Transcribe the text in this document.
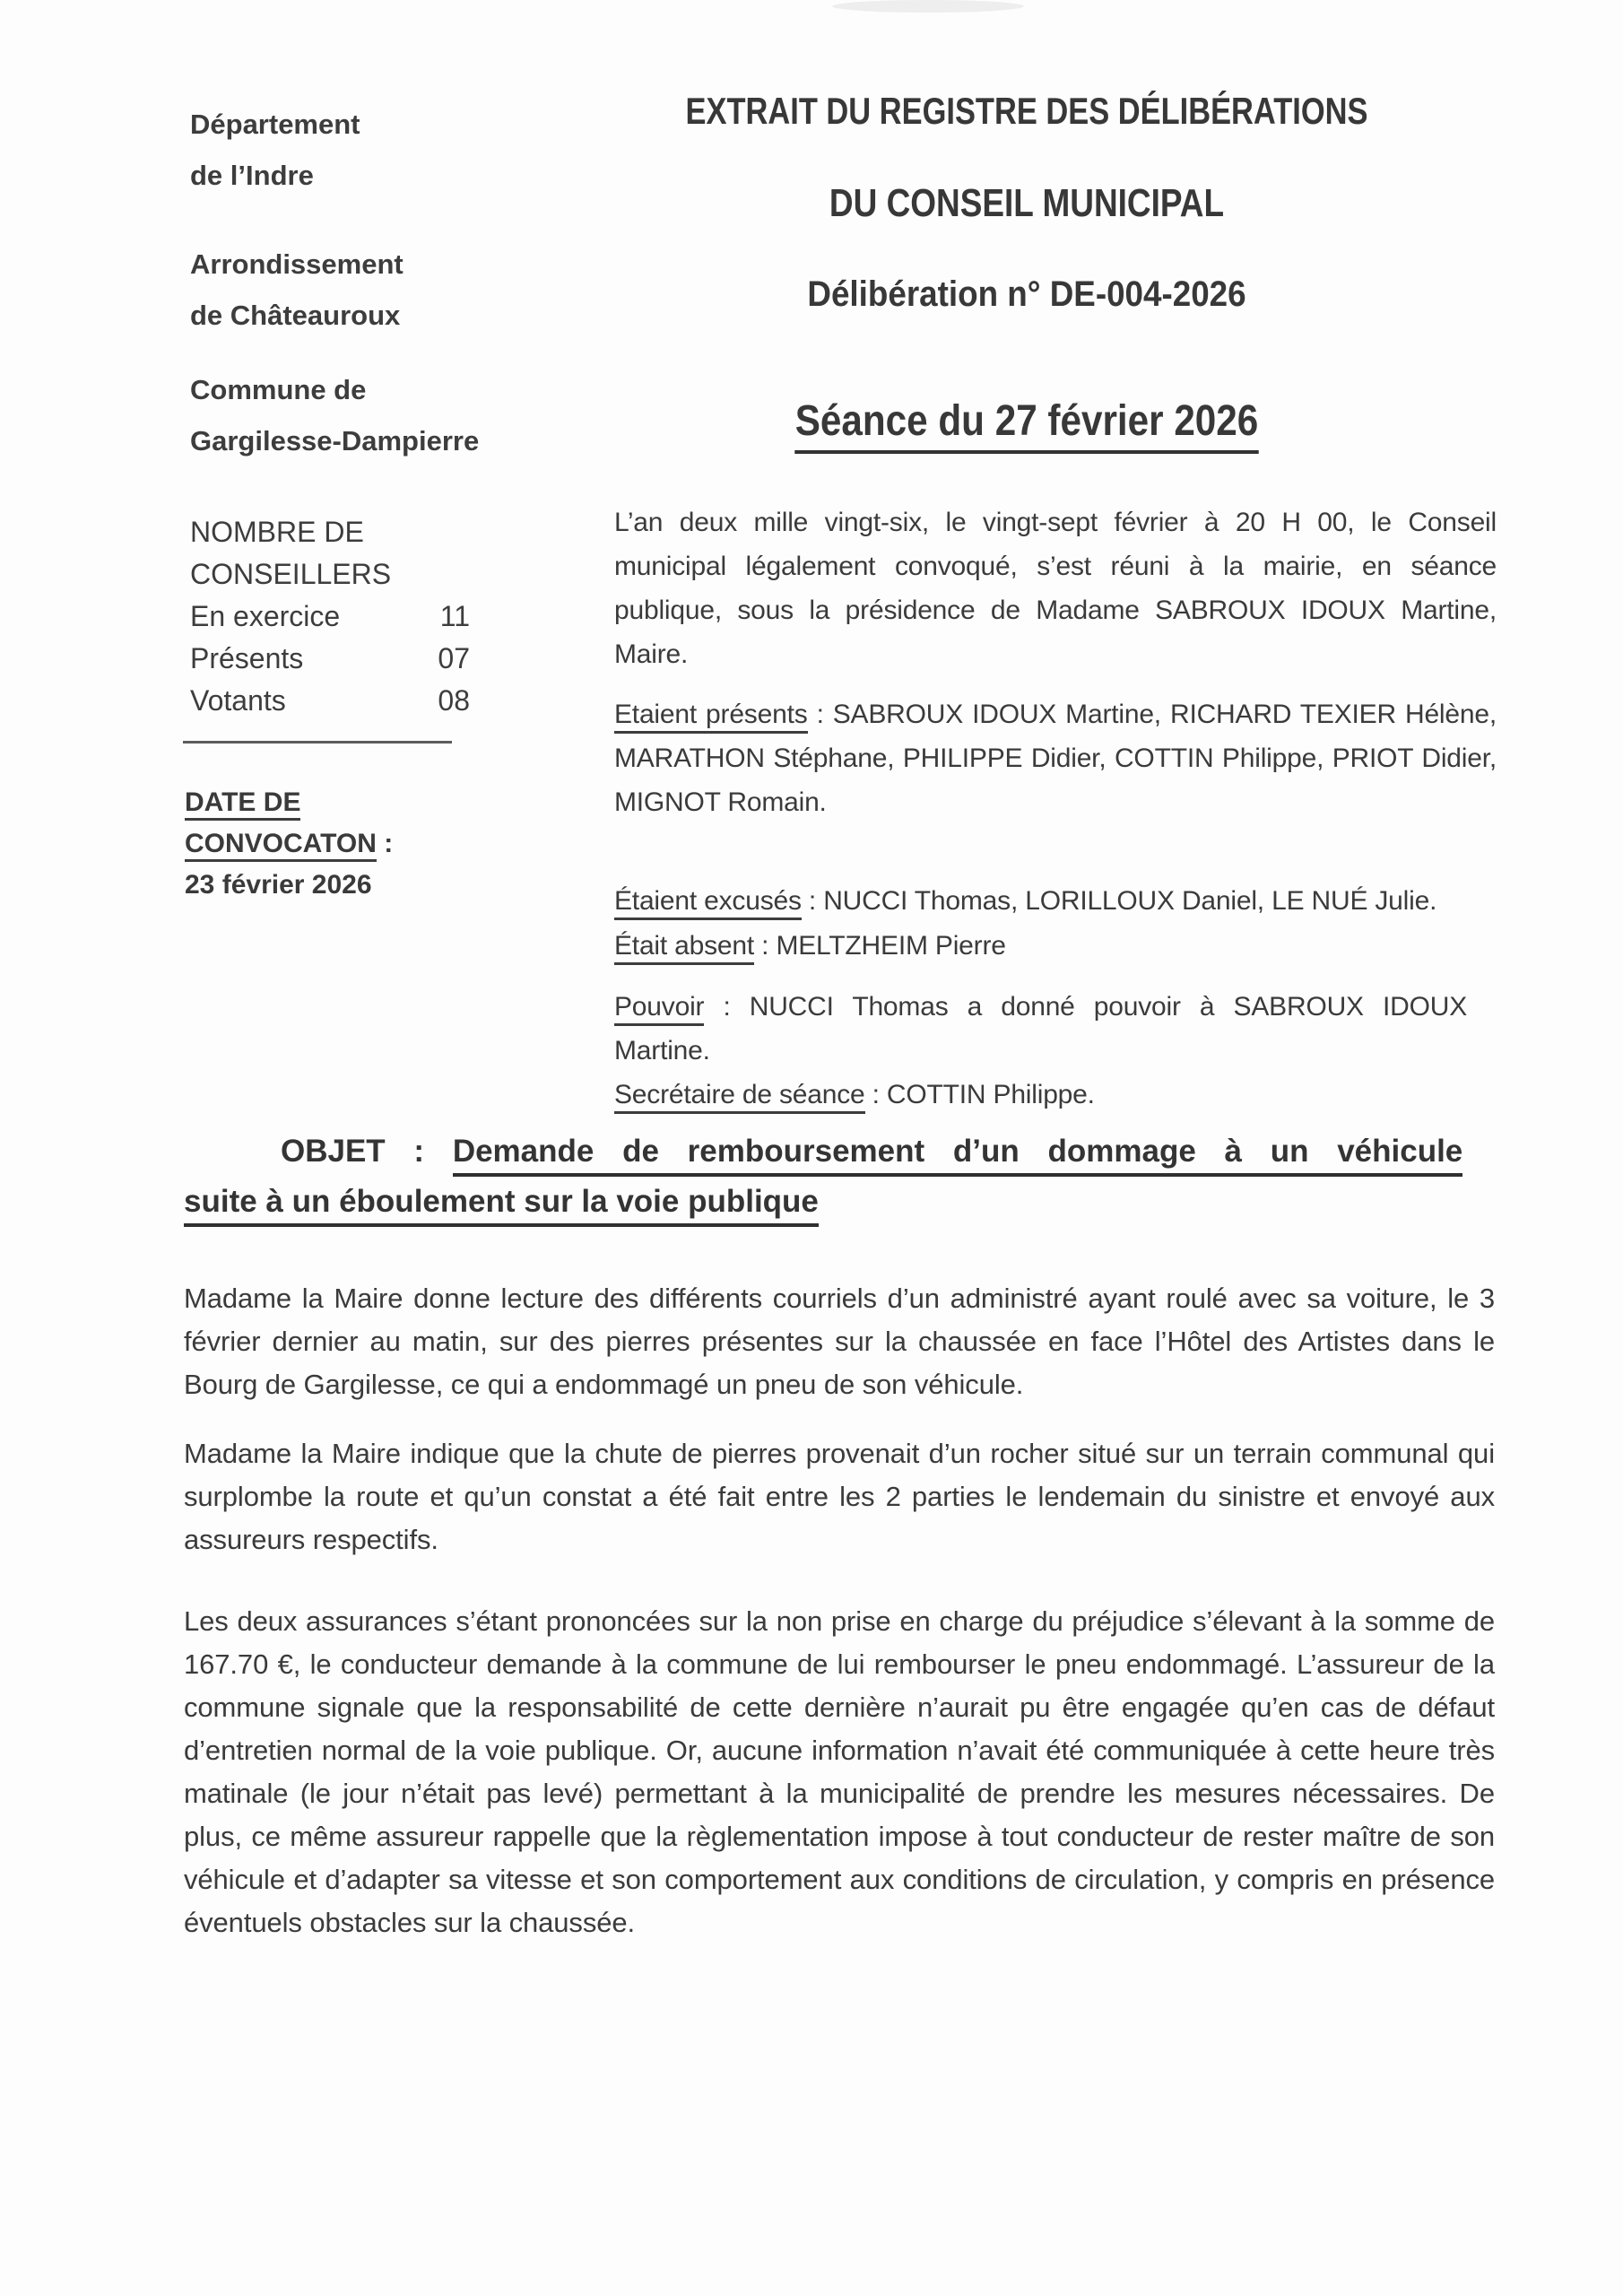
Département
de l’Indre
Arrondissement
de Châteauroux
Commune de
Gargilesse-Dampierre
NOMBRE DE
CONSEILLERS
En exercice	11
Présents	07
Votants	08
DATE DE
CONVOCATON :
23 février 2026
EXTRAIT DU REGISTRE DES DÉLIBÉRATIONS
DU CONSEIL MUNICIPAL
Délibération n° DE-004-2026
Séance du 27 février 2026

L’an deux mille vingt-six, le vingt-sept février à 20 H 00, le Conseil municipal légalement convoqué, s’est réuni à la mairie, en séance publique, sous la présidence de Madame SABROUX IDOUX Martine, Maire.

Etaient présents : SABROUX IDOUX Martine, RICHARD TEXIER Hélène, MARATHON Stéphane, PHILIPPE Didier, COTTIN Philippe, PRIOT Didier, MIGNOT Romain.

Étaient excusés : NUCCI Thomas, LORILLOUX Daniel, LE NUÉ Julie.
Était absent : MELTZHEIM Pierre

Pouvoir : NUCCI Thomas a donné pouvoir à SABROUX IDOUX
Martine.

Secrétaire de séance : COTTIN Philippe.

OBJET : Demande de remboursement d’un dommage à un véhicule
suite à un éboulement sur la voie publique

Madame la Maire donne lecture des différents courriels d’un administré ayant roulé avec sa voiture, le 3 février dernier au matin, sur des pierres présentes sur la chaussée en face l’Hôtel des Artistes dans le Bourg de Gargilesse, ce qui a endommagé un pneu de son véhicule.

Madame la Maire indique que la chute de pierres provenait d’un rocher situé sur un terrain communal qui surplombe la route et qu’un constat a été fait entre les 2 parties le lendemain du sinistre et envoyé aux assureurs respectifs.

Les deux assurances s’étant prononcées sur la non prise en charge du préjudice s’élevant à la somme de 167.70 €, le conducteur demande à la commune de lui rembourser le pneu endommagé. L’assureur de la commune signale que la responsabilité de cette dernière n’aurait pu être engagée qu’en cas de défaut d’entretien normal de la voie publique. Or, aucune information n’avait été communiquée à cette heure très matinale (le jour n’était pas levé) permettant à la municipalité de prendre les mesures nécessaires. De plus, ce même assureur rappelle que la règlementation impose à tout conducteur de rester maître de son véhicule et d’adapter sa vitesse et son comportement aux conditions de circulation, y compris en présence éventuels obstacles sur la chaussée.
